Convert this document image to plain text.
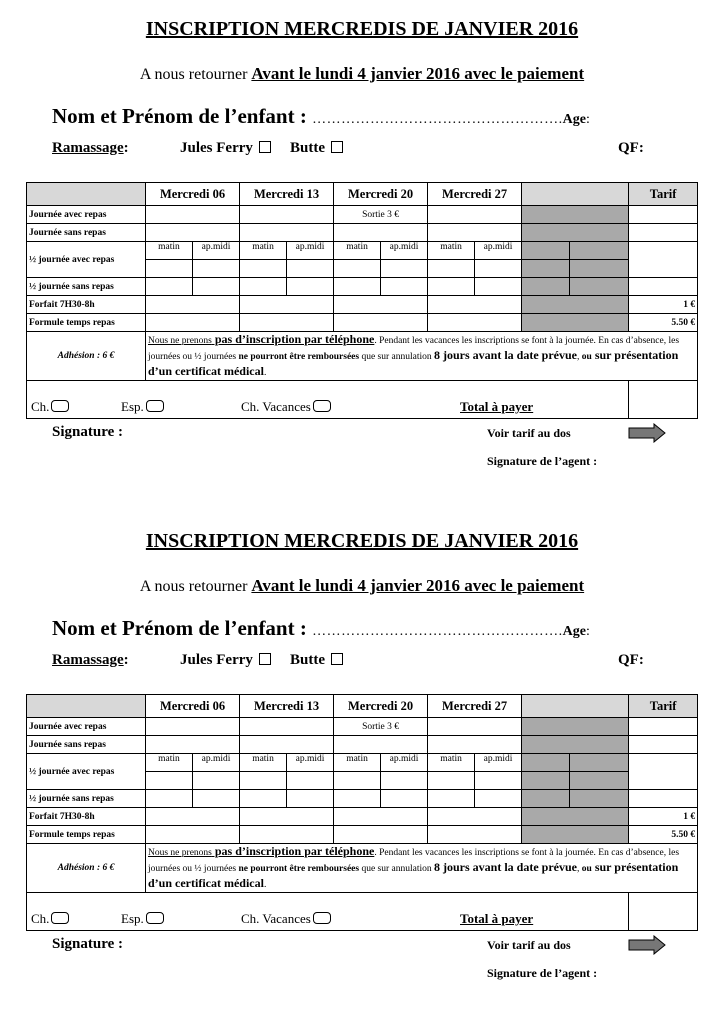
INSCRIPTION MERCREDIS DE JANVIER 2016
A nous retourner Avant le lundi 4 janvier 2016 avec le paiement
Nom et Prénom de l’enfant : …………………………………………….Age:
Ramassage:	Jules Ferry	Butte	QF:
	Mercredi 06		Mercredi 13		Mercredi 20		Mercredi 27				Tarif
Journée avec repas					Sortie 3 €						
Journée sans repas											
½ journée avec repas	matin	ap.midi	matin	ap.midi	matin	ap.midi	matin	ap.midi			

½ journée sans repas											
Forfait 7H30-8h											1 €
Formule temps repas											5.50 €
Adhésion : 6 €	Nous ne prenons pas d’inscription par téléphone. Pendant les vacances les inscriptions se font à la journée. En cas d’absence, les journées ou ½ journées ne pourront être remboursées que sur annulation 8 jours avant la date prévue, ou sur présentation d’un certificat médical.										

Ch. Esp. Ch. Vacances Total à payer											

Signature :	Voir tarif au dos
Signature de l’agent :
INSCRIPTION MERCREDIS DE JANVIER 2016
A nous retourner Avant le lundi 4 janvier 2016 avec le paiement
Nom et Prénom de l’enfant : …………………………………………….Age:
Ramassage:	Jules Ferry	Butte	QF:
	Mercredi 06		Mercredi 13		Mercredi 20		Mercredi 27				Tarif
Journée avec repas					Sortie 3 €						
Journée sans repas											
½ journée avec repas	matin	ap.midi	matin	ap.midi	matin	ap.midi	matin	ap.midi			

½ journée sans repas											
Forfait 7H30-8h											1 €
Formule temps repas											5.50 €
Adhésion : 6 €	Nous ne prenons pas d’inscription par téléphone. Pendant les vacances les inscriptions se font à la journée. En cas d’absence, les journées ou ½ journées ne pourront être remboursées que sur annulation 8 jours avant la date prévue, ou sur présentation d’un certificat médical.										

Ch. Esp. Ch. Vacances Total à payer											

Signature :	Voir tarif au dos
Signature de l’agent :
